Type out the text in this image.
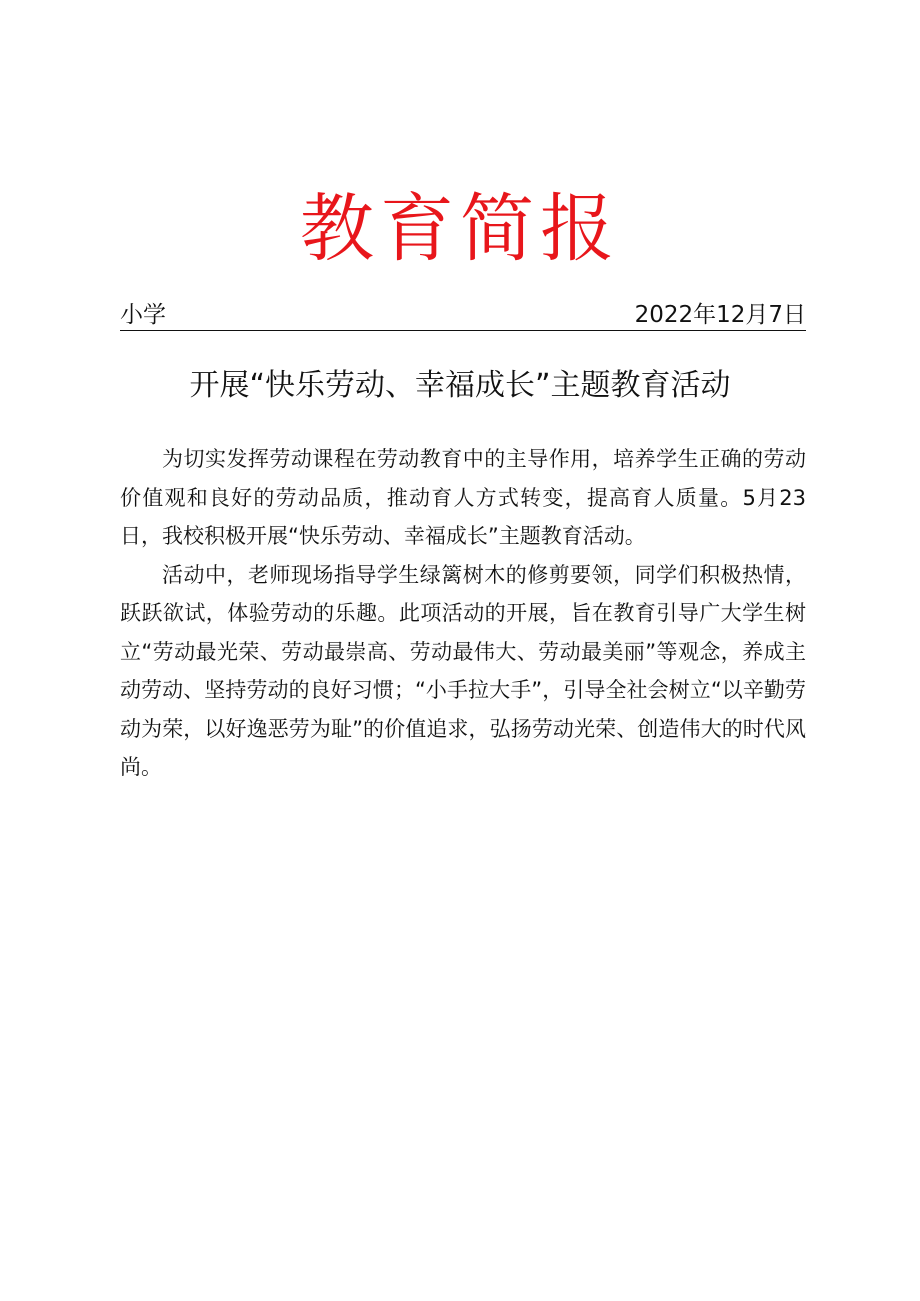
教育简报
小学	2022年12月7日
开展“快乐劳动、幸福成长”主题教育活动

为切实发挥劳动课程在劳动教育中的主导作用，培养学生正确的劳动价值观和良好的劳动品质，推动育人方式转变，提高育人质量。5月23日，我校积极开展“快乐劳动、幸福成长”主题教育活动。

活动中，老师现场指导学生绿篱树木的修剪要领，同学们积极热情，跃跃欲试，体验劳动的乐趣。此项活动的开展，旨在教育引导广大学生树立“劳动最光荣、劳动最崇高、劳动最伟大、劳动最美丽”等观念，养成主动劳动、坚持劳动的良好习惯；“小手拉大手”，引导全社会树立“以辛勤劳动为荣，以好逸恶劳为耻”的价值追求，弘扬劳动光荣、创造伟大的时代风尚。
